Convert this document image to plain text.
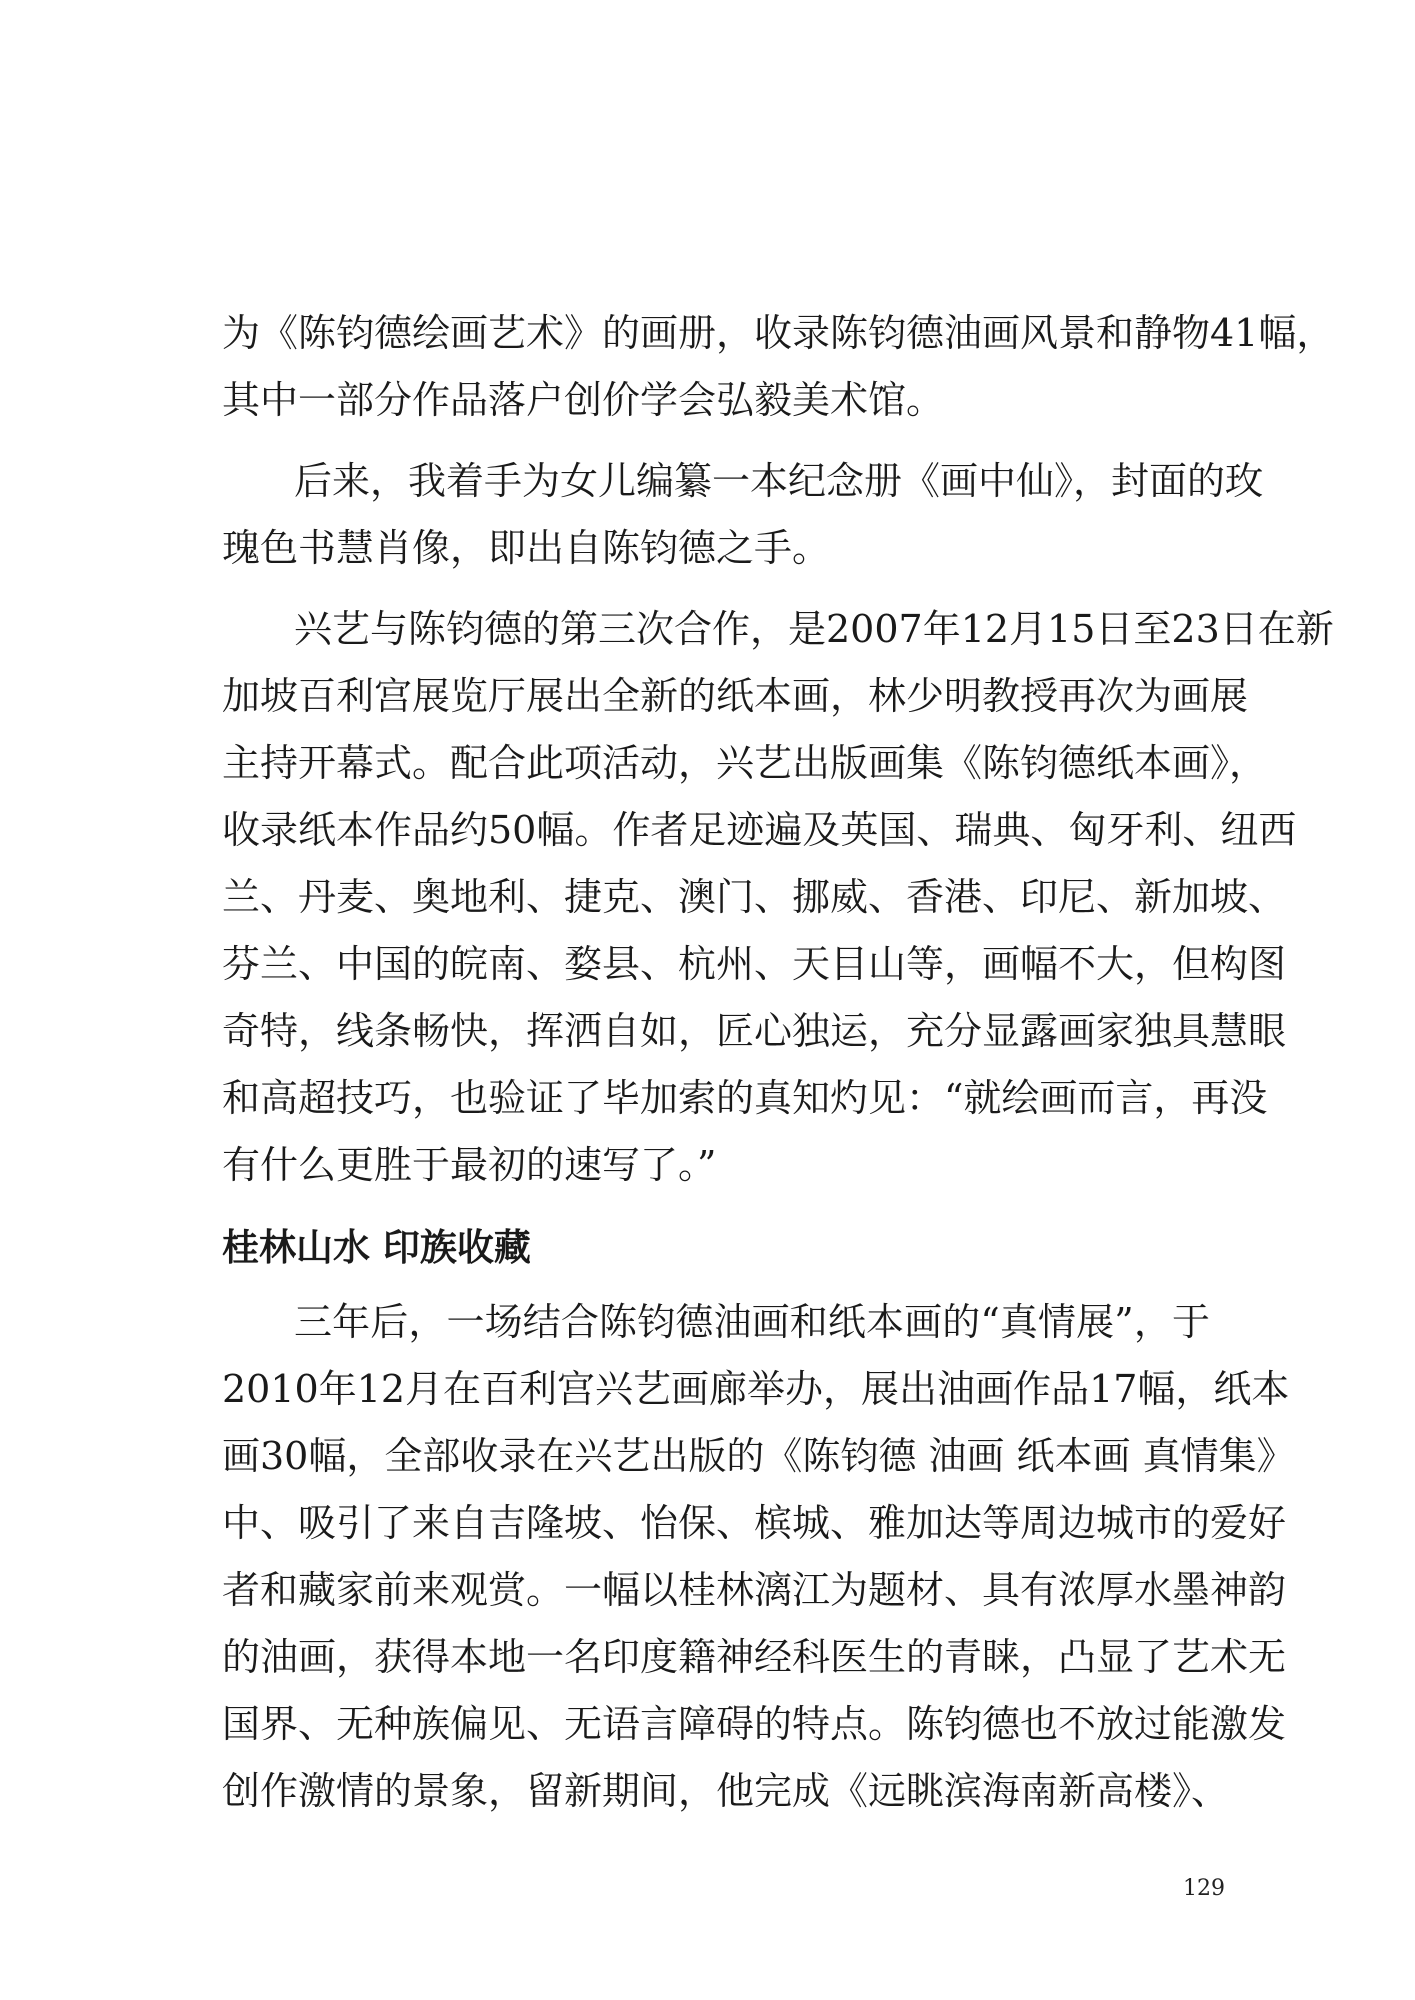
为《陈钧德绘画艺术》的画册，收录陈钧德油画风景和静物41幅，
其中一部分作品落户创价学会弘毅美术馆。
后来，我着手为女儿编纂一本纪念册《画中仙》，封面的玫
瑰色书慧肖像，即出自陈钧德之手。
兴艺与陈钧德的第三次合作，是2007年12月15日至23日在新
加坡百利宫展览厅展出全新的纸本画，林少明教授再次为画展
主持开幕式。配合此项活动，兴艺出版画集《陈钧德纸本画》，
收录纸本作品约50幅。作者足迹遍及英国、瑞典、匈牙利、纽西
兰、丹麦、奥地利、捷克、澳门、挪威、香港、印尼、新加坡、
芬兰、中国的皖南、婺县、杭州、天目山等，画幅不大，但构图
奇特，线条畅快，挥洒自如，匠心独运，充分显露画家独具慧眼
和高超技巧，也验证了毕加索的真知灼见：“就绘画而言，再没
有什么更胜于最初的速写了。”
桂林山水 印族收藏
三年后，一场结合陈钧德油画和纸本画的“真情展”，于
2010年12月在百利宫兴艺画廊举办，展出油画作品17幅，纸本
画30幅，全部收录在兴艺出版的《陈钧德 油画 纸本画 真情集》
中、吸引了来自吉隆坡、怡保、槟城、雅加达等周边城市的爱好
者和藏家前来观赏。一幅以桂林漓江为题材、具有浓厚水墨神韵
的油画，获得本地一名印度籍神经科医生的青睐，凸显了艺术无
国界、无种族偏见、无语言障碍的特点。陈钧德也不放过能激发
创作激情的景象，留新期间，他完成《远眺滨海南新高楼》、
129
